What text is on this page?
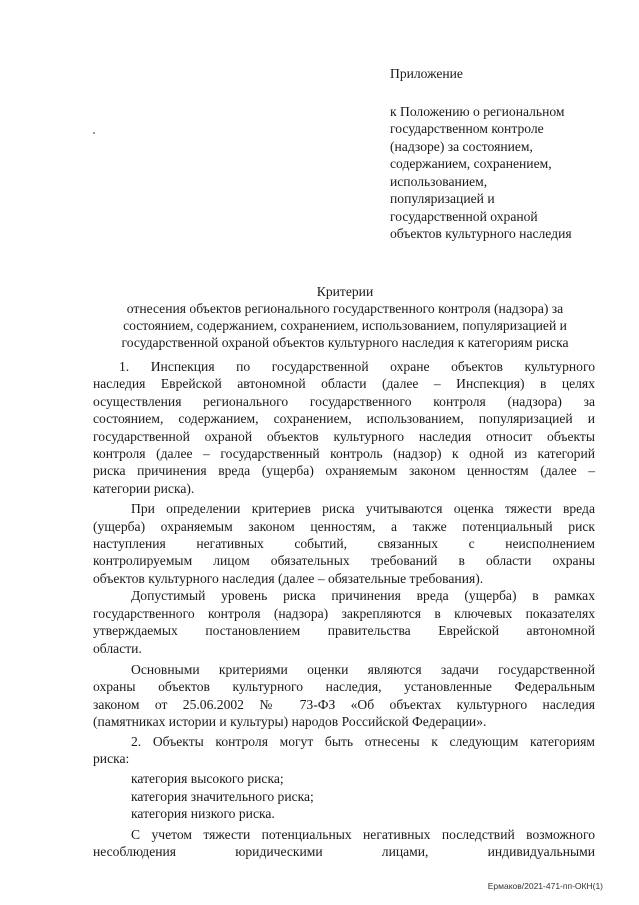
Приложение
к Положению о региональном
государственном контроле
(надзоре) за состоянием,
содержанием, сохранением,
использованием,
популяризацией и
государственной охраной
объектов культурного наследия
Критерии
отнесения объектов регионального государственного контроля (надзора) за
состоянием, содержанием, сохранением, использованием, популяризацией и
государственной охраной объектов культурного наследия к категориям риска
1. Инспекция по государственной охране объектов культурного
наследия Еврейской автономной области (далее – Инспекция) в целях
осуществления регионального государственного контроля (надзора) за
состоянием, содержанием, сохранением, использованием, популяризацией и
государственной охраной объектов культурного наследия относит объекты
контроля (далее – государственный контроль (надзор) к одной из категорий
риска причинения вреда (ущерба) охраняемым законом ценностям (далее –
категории риска).
При определении критериев риска учитываются оценка тяжести вреда
(ущерба) охраняемым законом ценностям, а также потенциальный риск
наступления негативных событий, связанных с неисполнением
контролируемым лицом обязательных требований в области охраны
объектов культурного наследия (далее – обязательные требования).
Допустимый уровень риска причинения вреда (ущерба) в рамках
государственного контроля (надзора) закрепляются в ключевых показателях
утверждаемых постановлением правительства Еврейской автономной
области.
Основными критериями оценки являются задачи государственной
охраны объектов культурного наследия, установленные Федеральным
законом от 25.06.2002 № 73-ФЗ «Об объектах культурного наследия
(памятниках истории и культуры) народов Российской Федерации».
2. Объекты контроля могут быть отнесены к следующим категориям
риска:
категория высокого риска;
категория значительного риска;
категория низкого риска.
С учетом тяжести потенциальных негативных последствий возможного
несоблюдения юридическими лицами, индивидуальными
Ермаков/2021-471-пп-ОКН(1)
